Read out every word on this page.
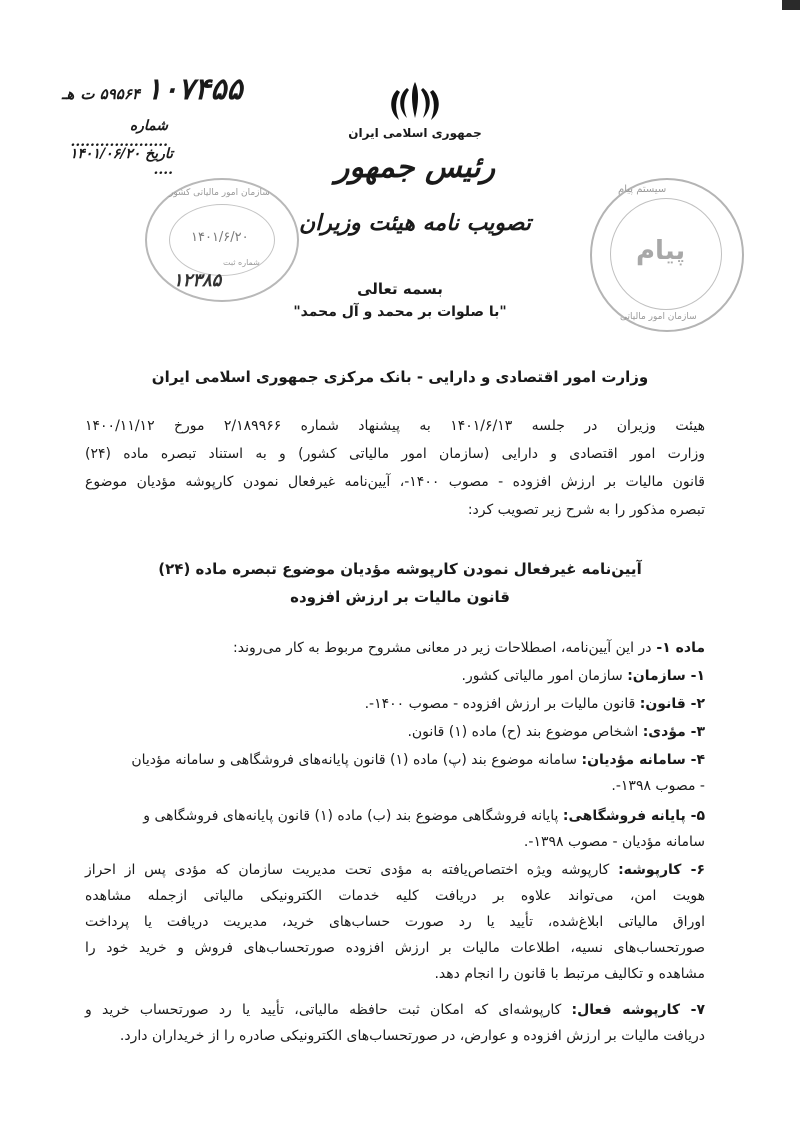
۱۰۷۴۵۵
۵۹۵۶۴ ت
هـ
شماره ....................
تاریخ ۱۴۰۱/۰۶/۲۰ ....
جمهوری اسلامی ایران
رئیس جمهور
تصویب نامه هیئت وزیران
سازمان امور مالیاتی کشور
۱۴۰۱/۶/۲۰
شماره ثبت
۱۲۳۸۵
سیستم پیام
پیام
سازمان امور مالیاتی
بسمه تعالی
"با صلوات بر محمد و آل محمد"
وزارت امور اقتصادی و دارایی - بانک مرکزی جمهوری اسلامی ایران
هیئت وزیران در جلسه ۱۴۰۱/۶/۱۳ به پیشنهاد شماره ۲/۱۸۹۹۶۶ مورخ ۱۴۰۰/۱۱/۱۲
وزارت امور اقتصادی و دارایی (سازمان امور مالیاتی کشور) و به استناد تبصره ماده (۲۴)
قانون مالیات بر ارزش افزوده - مصوب ۱۴۰۰-، آیین‌نامه غیرفعال نمودن کارپوشه مؤدیان موضوع
تبصره مذکور را به شرح زیر تصویب کرد:
آیین‌نامه غیرفعال نمودن کارپوشه مؤدیان موضوع تبصره ماده (۲۴)
قانون مالیات بر ارزش افزوده
ماده ۱- در این آیین‌نامه، اصطلاحات زیر در معانی مشروح مربوط به کار می‌روند:
۱- سازمان: سازمان امور مالیاتی کشور.
۲- قانون: قانون مالیات بر ارزش افزوده - مصوب ۱۴۰۰-.
۳- مؤدی: اشخاص موضوع بند (ح) ماده (۱) قانون.
۴- سامانه مؤدیان: سامانه موضوع بند (پ) ماده (۱) قانون پایانه‌های فروشگاهی و سامانه مؤدیان
- مصوب ۱۳۹۸-.
۵- پایانه فروشگاهی: پایانه فروشگاهی موضوع بند (ب) ماده (۱) قانون پایانه‌های فروشگاهی و
سامانه مؤدیان - مصوب ۱۳۹۸-.
۶- کارپوشه: کارپوشه ویژه اختصاص‌یافته به مؤدی تحت مدیریت سازمان که مؤدی پس از احراز
هویت امن، می‌تواند علاوه بر دریافت کلیه خدمات الکترونیکی مالیاتی ازجمله مشاهده
اوراق مالیاتی ابلاغ‌شده، تأیید یا رد صورت حساب‌های خرید، مدیریت دریافت یا پرداخت
صورتحساب‌های نسیه، اطلاعات مالیات بر ارزش افزوده صورتحساب‌های فروش و خرید خود را
مشاهده و تکالیف مرتبط با قانون را انجام دهد.
۷- کارپوشه فعال: کارپوشه‌ای که امکان ثبت حافظه مالیاتی، تأیید یا رد صورتحساب خرید و
دریافت مالیات بر ارزش افزوده و عوارض، در صورتحساب‌های الکترونیکی صادره را از خریداران دارد.
